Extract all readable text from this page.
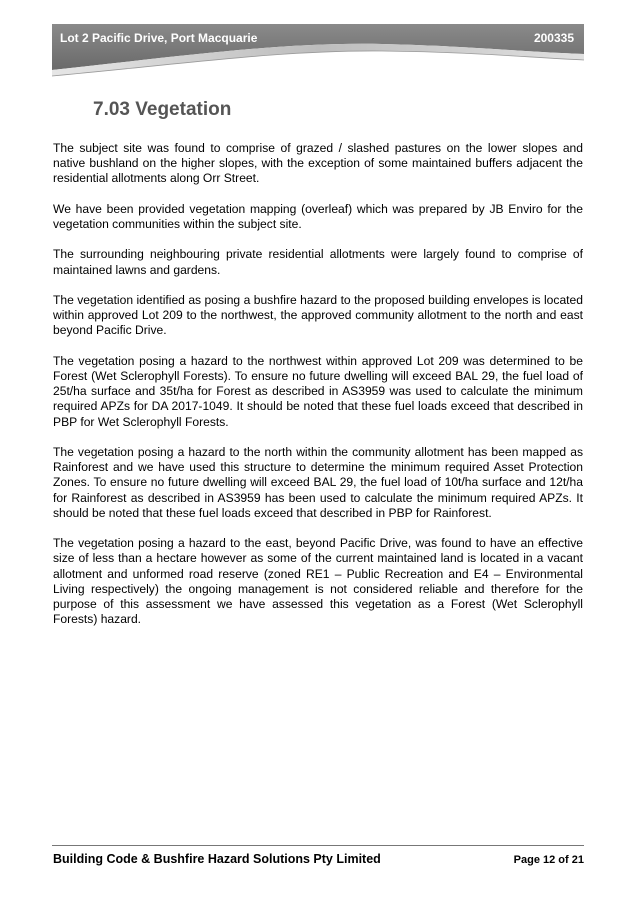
Lot 2 Pacific Drive, Port Macquarie	200335
7.03 Vegetation

The subject site was found to comprise of grazed / slashed pastures on the lower slopes and native bushland on the higher slopes, with the exception of some maintained buffers adjacent the residential allotments along Orr Street.

We have been provided vegetation mapping (overleaf) which was prepared by JB Enviro for the vegetation communities within the subject site.

The surrounding neighbouring private residential allotments were largely found to comprise of maintained lawns and gardens.

The vegetation identified as posing a bushfire hazard to the proposed building envelopes is located within approved Lot 209 to the northwest, the approved community allotment to the north and east beyond Pacific Drive.

The vegetation posing a hazard to the northwest within approved Lot 209 was determined to be Forest (Wet Sclerophyll Forests). To ensure no future dwelling will exceed BAL 29, the fuel load of 25t/ha surface and 35t/ha for Forest as described in AS3959 was used to calculate the minimum required APZs for DA 2017-1049. It should be noted that these fuel loads exceed that described in PBP for Wet Sclerophyll Forests.

The vegetation posing a hazard to the north within the community allotment has been mapped as Rainforest and we have used this structure to determine the minimum required Asset Protection Zones. To ensure no future dwelling will exceed BAL 29, the fuel load of 10t/ha surface and 12t/ha for Rainforest as described in AS3959 has been used to calculate the minimum required APZs. It should be noted that these fuel loads exceed that described in PBP for Rainforest.

The vegetation posing a hazard to the east, beyond Pacific Drive, was found to have an effective size of less than a hectare however as some of the current maintained land is located in a vacant allotment and unformed road reserve (zoned RE1 – Public Recreation and E4 – Environmental Living respectively) the ongoing management is not considered reliable and therefore for the purpose of this assessment we have assessed this vegetation as a Forest (Wet Sclerophyll Forests) hazard.

Building Code & Bushfire Hazard Solutions Pty Limited	Page 12 of 21
